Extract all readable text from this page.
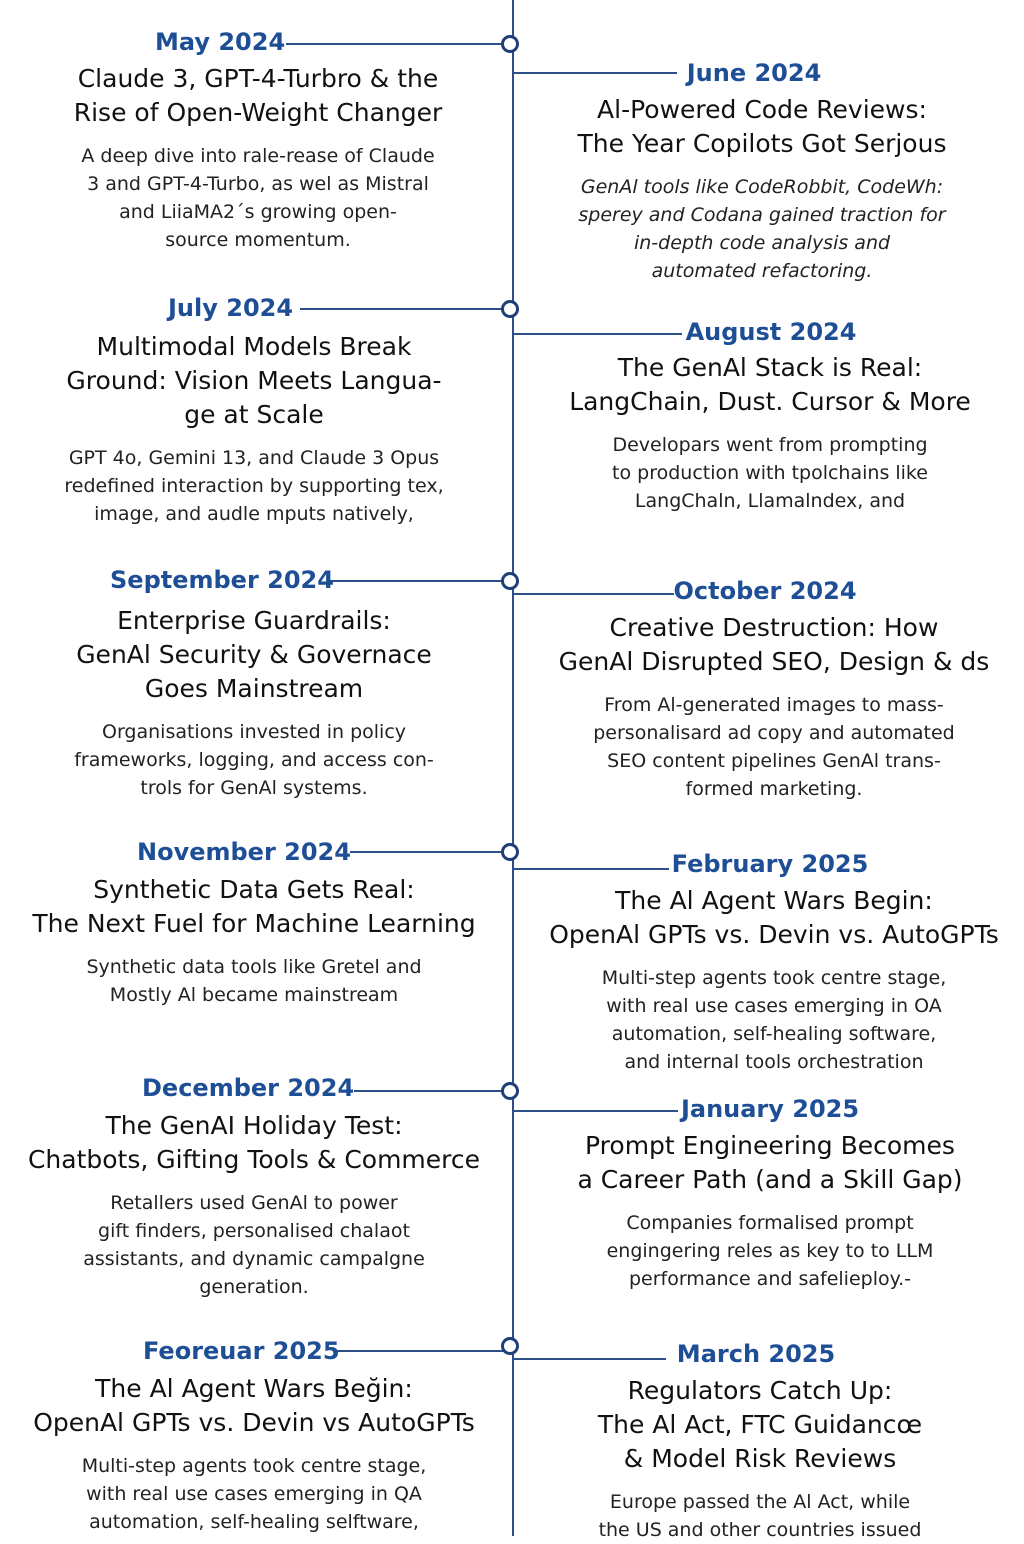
May 2024

Claude 3, GPT-4-Turbro & the
Rise of Open-Weight Changer

A deep dive into rale-rease of Claude
3 and GPT-4-Turbo, as wel as Mistral
and LiiaMA2´s growing open-
source momentum.

June 2024

Al-Powered Code Reviews:
The Year Copilots Got Serjous

GenAl tools like CodeRobbit, CodeWh:
sperey and Codana gained traction for
in-depth code analysis and
automated refactoring.

July 2024

Multimodal Models Break
Ground: Vision Meets Langua-
ge at Scale

GPT 4o, Gemini 13, and Claude 3 Opus
redefined interaction by supporting tex,
image, and audle mputs natively,

August 2024

The GenAl Stack is Real:
LangChain, Dust. Cursor & More

Developars went from prompting
to production with tpolchains like
LangChaln, Llamalndex, and

September 2024

Enterprise Guardrails:
GenAl Security & Governace
Goes Mainstream

Organisations invested in policy
frameworks, logging, and access con-
trols for GenAl systems.

October 2024

Creative Destruction: How
GenAl Disrupted SEO, Design & ds

From Al-generated images to mass-
personalisard ad copy and automated
SEO content pipelines GenAl trans-
formed marketing.

November 2024

Synthetic Data Gets Real:
The Next Fuel for Machine Learning

Synthetic data tools like Gretel and
Mostly Al became mainstream

February 2025

The Al Agent Wars Begin:
OpenAl GPTs vs. Devin vs. AutoGPTs

Multi-step agents took centre stage,
with real use cases emerging in OA
automation, self-healing software,
and internal tools orchestration

December 2024

The GenAI Holiday Test:
Chatbots, Gifting Tools & Commerce

Retallers used GenAl to power
gift finders, personalised chalaot
assistants, and dynamic campalgne
generation.

January 2025

Prompt Engineering Becomes
a Career Path (and a Skill Gap)

Companies formalised prompt
engingering reles as key to to LLM
performance and safelieploy.-

Feoreuar 2025

The Al Agent Wars Beğin:
OpenAl GPTs vs. Devin vs AutoGPTs

Multi-step agents took centre stage,
with real use cases emerging in QA
automation, self-healing selftware,

March 2025

Regulators Catch Up:
The Al Act, FTC Guidancœ
& Model Risk Reviews

Europe passed the Al Act, while
the US and other countries issued
